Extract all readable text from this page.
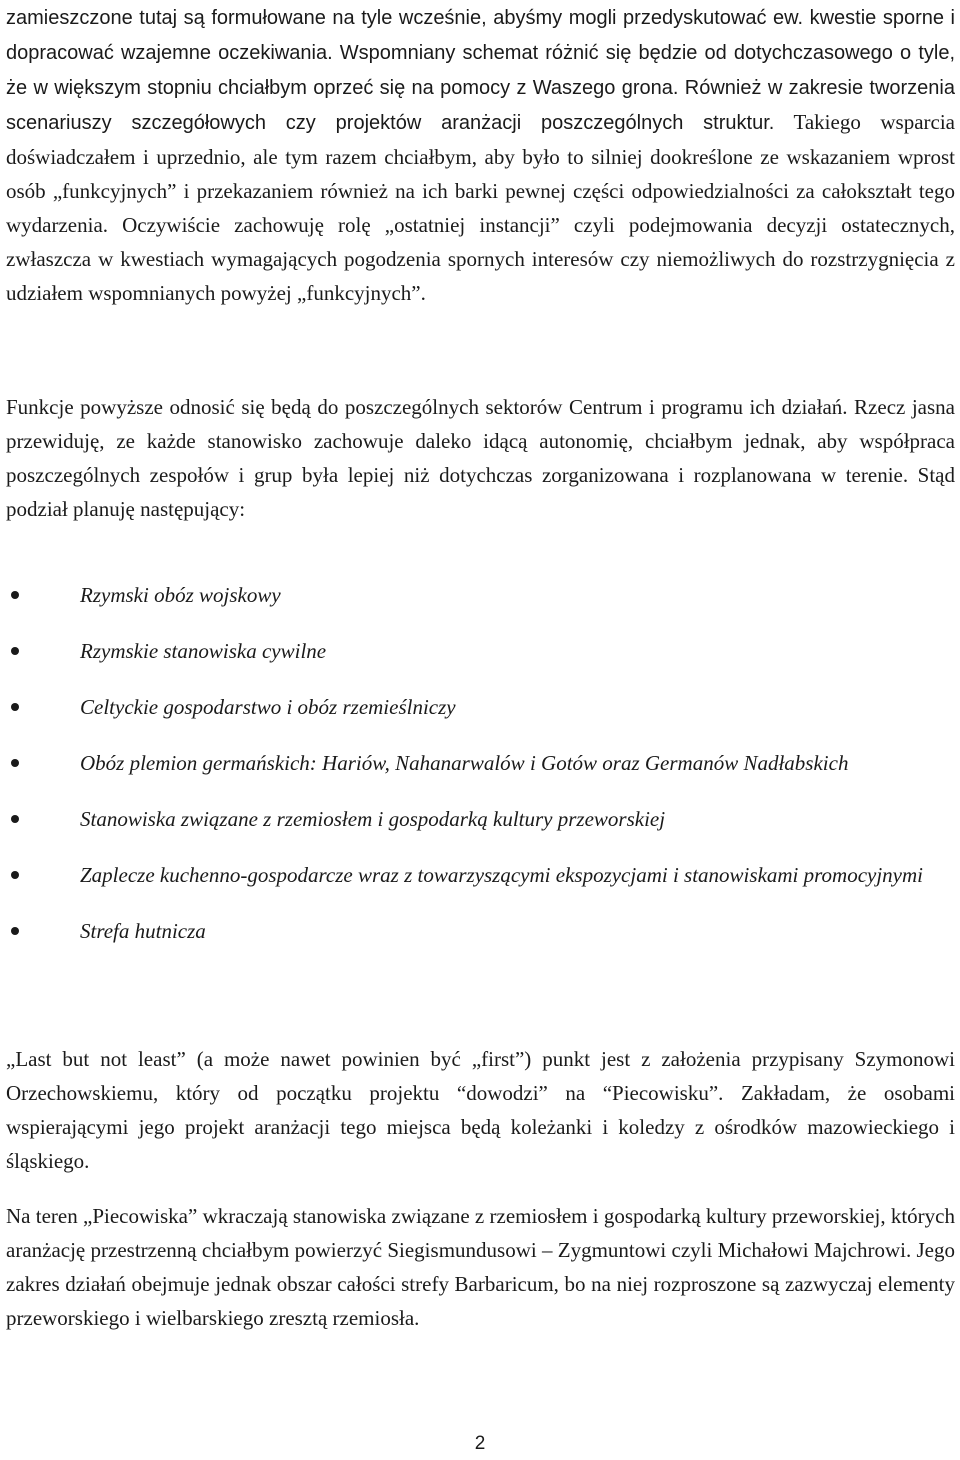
zamieszczone tutaj są formułowane na tyle wcześnie, abyśmy mogli przedyskutować ew. kwestie sporne i dopracować wzajemne oczekiwania. Wspomniany schemat różnić się będzie od dotychczasowego o tyle, że w większym stopniu chciałbym oprzeć się na pomocy z Waszego grona. Również w zakresie tworzenia scenariuszy szczegółowych czy projektów aranżacji poszczególnych struktur. Takiego wsparcia doświadczałem i uprzednio, ale tym razem chciałbym, aby było to silniej dookreślone ze wskazaniem wprost osób „funkcyjnych” i przekazaniem również na ich barki pewnej części odpowiedzialności za całokształt tego wydarzenia. Oczywiście zachowuję rolę „ostatniej instancji” czyli podejmowania decyzji ostatecznych, zwłaszcza w kwestiach wymagających pogodzenia spornych interesów czy niemożliwych do rozstrzygnięcia z udziałem wspomnianych powyżej „funkcyjnych”.

Funkcje powyższe odnosić się będą do poszczególnych sektorów Centrum i programu ich działań. Rzecz jasna przewiduję, ze każde stanowisko zachowuje daleko idącą autonomię, chciałbym jednak, aby współpraca poszczególnych zespołów i grup była lepiej niż dotychczas zorganizowana i rozplanowana w terenie. Stąd podział planuję następujący:

Rzymski obóz wojskowy
Rzymskie stanowiska cywilne
Celtyckie gospodarstwo i obóz rzemieślniczy
Obóz plemion germańskich: Hariów, Nahanarwalów i Gotów oraz Germanów Nadłabskich
Stanowiska związane z rzemiosłem i gospodarką kultury przeworskiej
Zaplecze kuchenno-gospodarcze wraz z towarzyszącymi ekspozycjami i stanowiskami promocyjnymi
Strefa hutnicza

„Last but not least” (a może nawet powinien być „first”) punkt jest z założenia przypisany Szymonowi Orzechowskiemu, który od początku projektu “dowodzi” na “Piecowisku”. Zakładam, że osobami wspierającymi jego projekt aranżacji tego miejsca będą koleżanki i koledzy z ośrodków mazowieckiego i śląskiego.

Na teren „Piecowiska” wkraczają stanowiska związane z rzemiosłem i gospodarką kultury przeworskiej, których aranżację przestrzenną chciałbym powierzyć Siegismundusowi – Zygmuntowi czyli Michałowi Majchrowi. Jego zakres działań obejmuje jednak obszar całości strefy Barbaricum, bo na niej rozproszone są zazwyczaj elementy przeworskiego i wielbarskiego zresztą rzemiosła.

2
